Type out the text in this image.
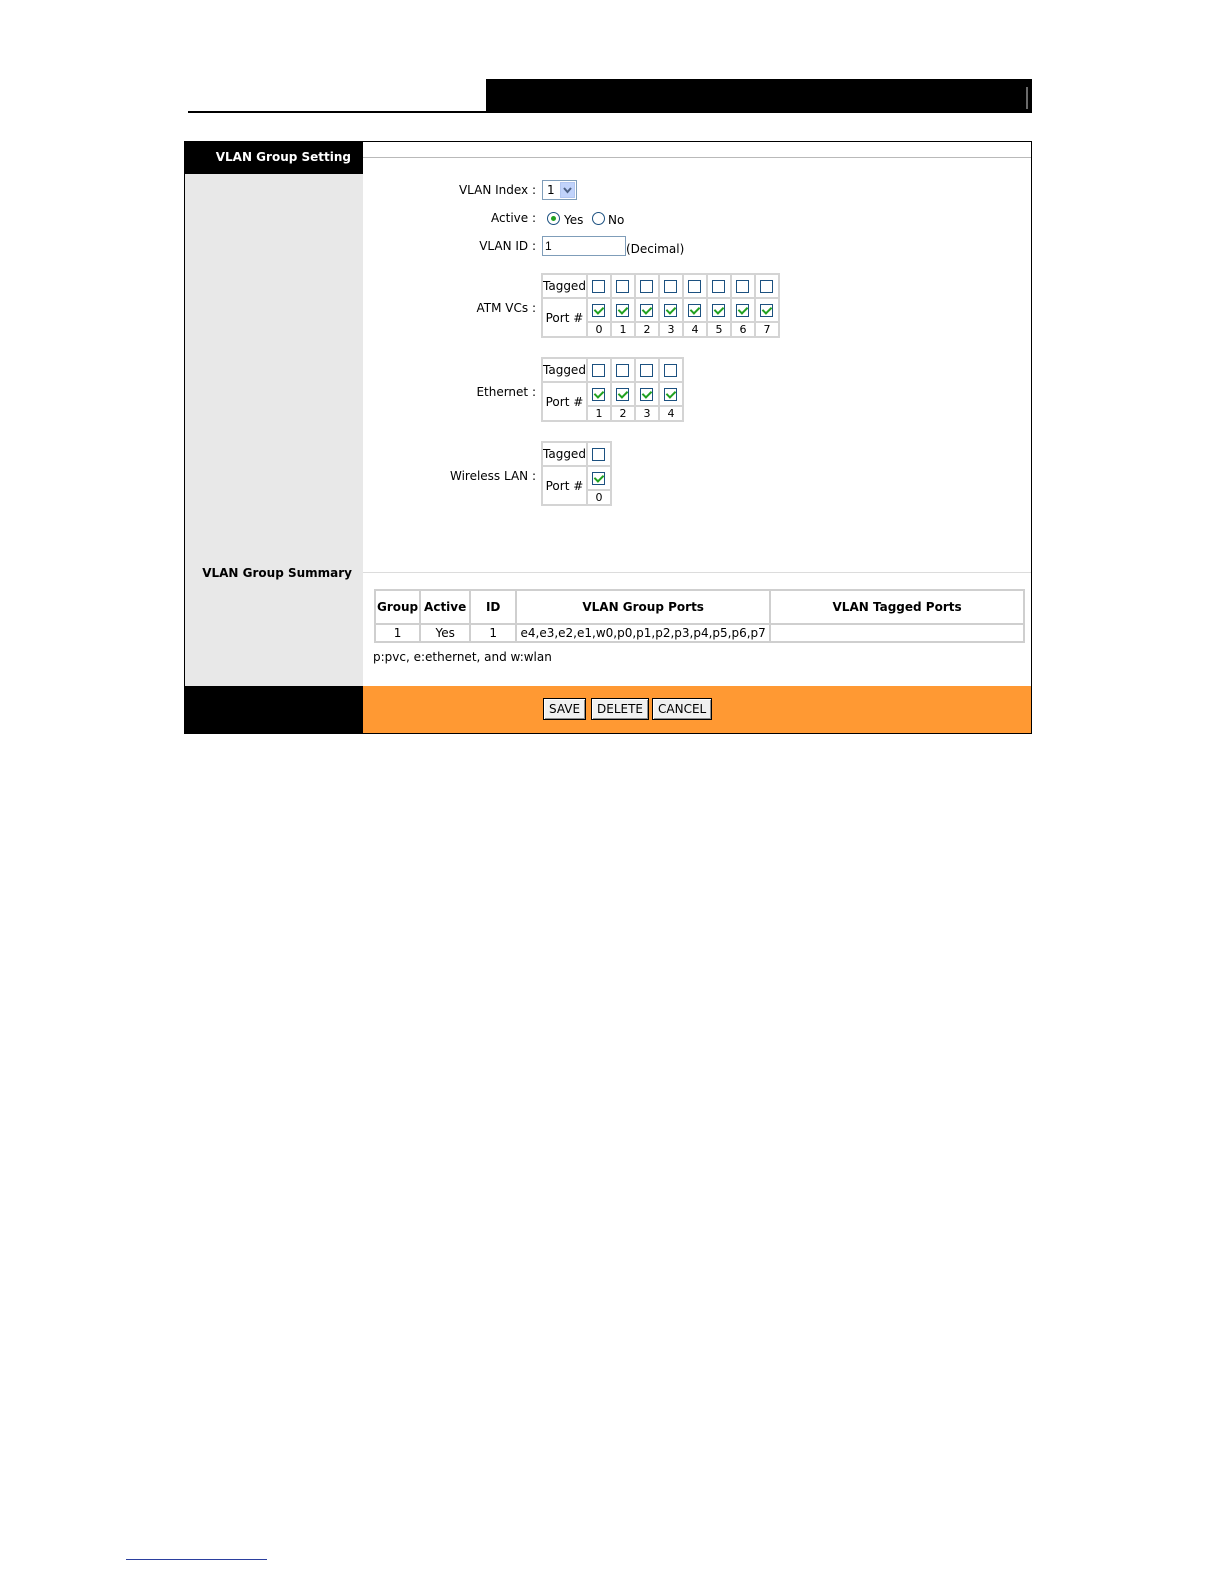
VLAN Group Setting
VLAN Index : 1
Active : Yes No
VLAN ID :
1	(Decimal)
ATM VCs :
Tagged								
Port #								
	0	1	2	3	4	5	6	7
Ethernet :
Tagged				
Port #				
	1	2	3	4
Wireless LAN :
Tagged	
Port #	
	0
VLAN Group Summary
Group	Active	ID	VLAN Group Ports	VLAN Tagged Ports
1	Yes	1	e4,e3,e2,e1,w0,p0,p1,p2,p3,p4,p5,p6,p7	
p:pvc, e:ethernet, and w:wlan
SAVE	DELETE	CANCEL
